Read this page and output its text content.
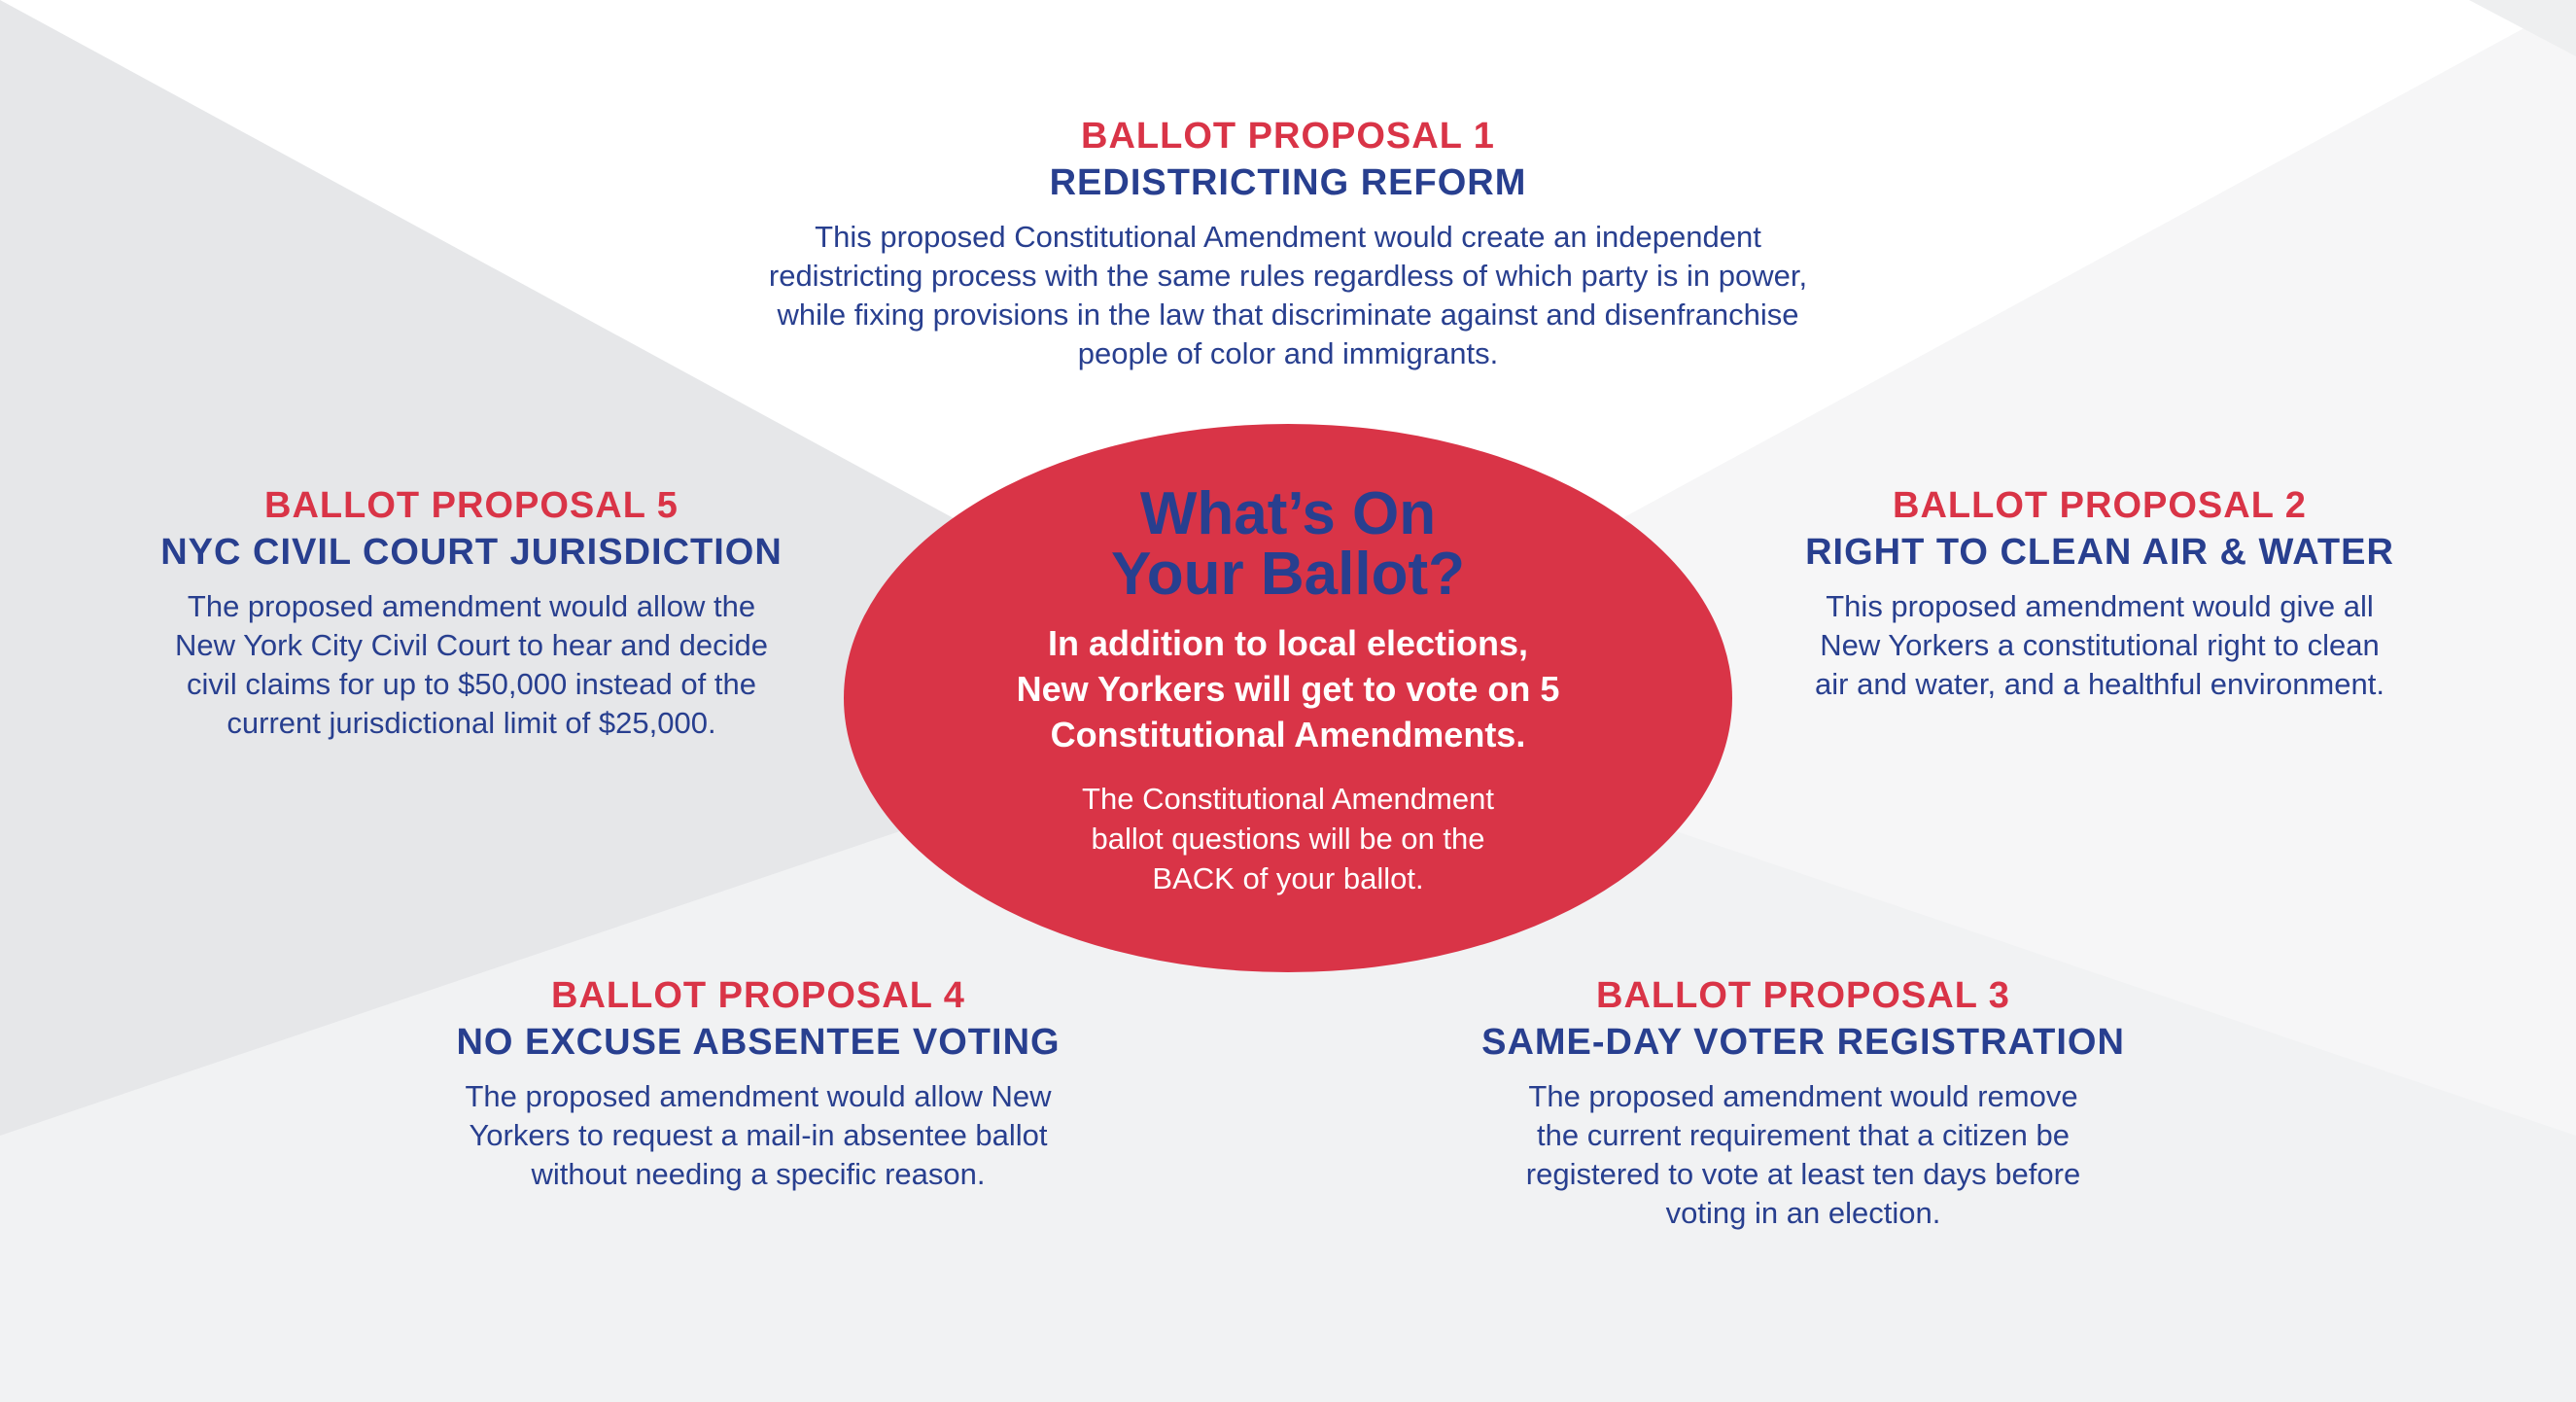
What’s On
Your Ballot?

In addition to local elections,
New Yorkers will get to vote on 5
Constitutional Amendments.

The Constitutional Amendment
ballot questions will be on the
BACK of your ballot.

BALLOT PROPOSAL 1

REDISTRICTING REFORM

This proposed Constitutional Amendment would create an independent
redistricting process with the same rules regardless of which party is in power,
while fixing provisions in the law that discriminate against and disenfranchise
people of color and immigrants.

BALLOT PROPOSAL 5

NYC CIVIL COURT JURISDICTION

The proposed amendment would allow the
New York City Civil Court to hear and decide
civil claims for up to $50,000 instead of the
current jurisdictional limit of $25,000.

BALLOT PROPOSAL 2

RIGHT TO CLEAN AIR & WATER

This proposed amendment would give all
New Yorkers a constitutional right to clean
air and water, and a healthful environment.

BALLOT PROPOSAL 4

NO EXCUSE ABSENTEE VOTING

The proposed amendment would allow New
Yorkers to request a mail-in absentee ballot
without needing a specific reason.

BALLOT PROPOSAL 3

SAME-DAY VOTER REGISTRATION

The proposed amendment would remove
the current requirement that a citizen be
registered to vote at least ten days before
voting in an election.
